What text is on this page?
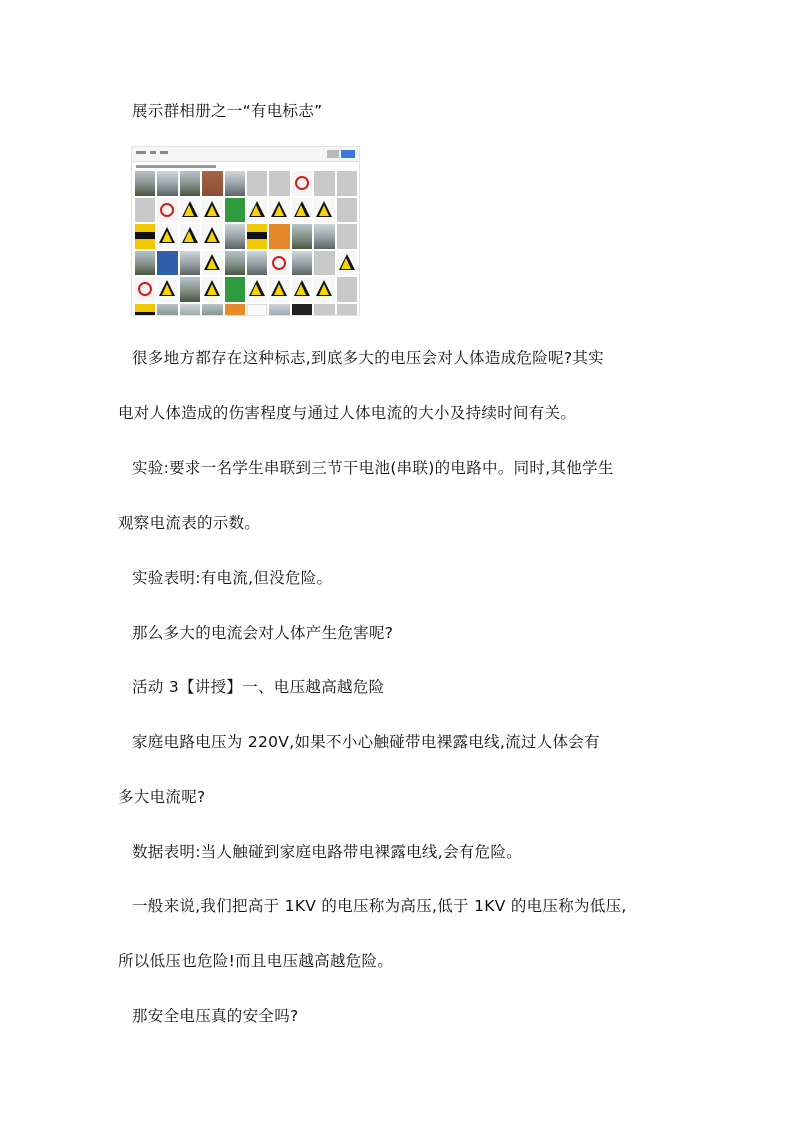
展示群相册之一“有电标志”
很多地方都存在这种标志,到底多大的电压会对人体造成危险呢?其实
电对人体造成的伤害程度与通过人体电流的大小及持续时间有关。
实验:要求一名学生串联到三节干电池(串联)的电路中。同时,其他学生
观察电流表的示数。
实验表明:有电流,但没危险。
那么多大的电流会对人体产生危害呢?
活动 3【讲授】一、电压越高越危险
家庭电路电压为 220V,如果不小心触碰带电裸露电线,流过人体会有
多大电流呢?
数据表明:当人触碰到家庭电路带电裸露电线,会有危险。
一般来说,我们把高于 1KV 的电压称为高压,低于 1KV 的电压称为低压,
所以低压也危险!而且电压越高越危险。
那安全电压真的安全吗?
